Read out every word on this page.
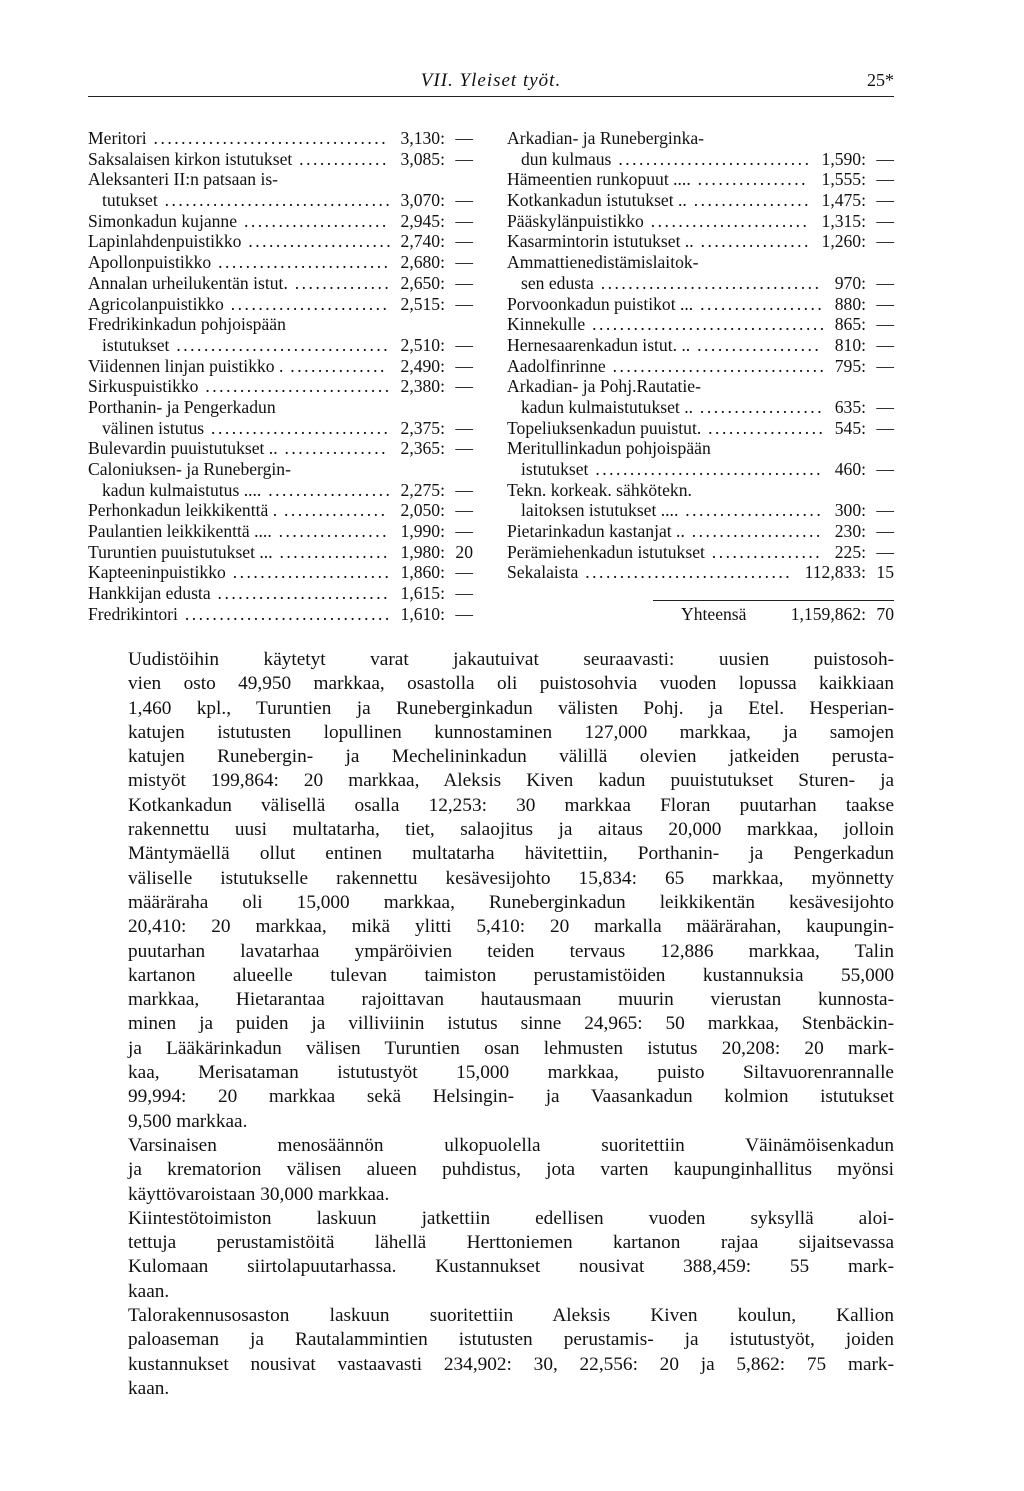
VII. Yleiset työt.	25*
Meritori .................................. 3,130: —
Saksalaisen kirkon istutukset ............. 3,085: —
Aleksanteri II:n patsaan is-
tutukset ................................. 3,070: —
Simonkadun kujanne ..................... 2,945: —
Lapinlahdenpuistikko ..................... 2,740: —
Apollonpuistikko ......................... 2,680: —
Annalan urheilukentän istut. .............. 2,650: —
Agricolanpuistikko ....................... 2,515: —
Fredrikinkadun pohjoispään
istutukset ............................... 2,510: —
Viidennen linjan puistikko . .............. 2,490: —
Sirkuspuistikko ........................... 2,380: —
Porthanin- ja Pengerkadun
välinen istutus .......................... 2,375: —
Bulevardin puuistutukset .. ............... 2,365: —
Caloniuksen- ja Runebergin-
kadun kulmaistutus .... .................. 2,275: —
Perhonkadun leikkikenttä . ............... 2,050: —
Paulantien leikkikenttä .... ................ 1,990: —
Turuntien puuistutukset ... ................ 1,980: 20
Kapteeninpuistikko ....................... 1,860: —
Hankkijan edusta ......................... 1,615: —
Fredrikintori .............................. 1,610: —
Arkadian- ja Runeberginka-
dun kulmaus ............................ 1,590: —
Hämeentien runkopuut .... ................ 1,555: —
Kotkankadun istutukset .. ................. 1,475: —
Pääskylänpuistikko ....................... 1,315: —
Kasarmintorin istutukset .. ................ 1,260: —
Ammattienedistämislaitok-
sen edusta ................................ 970: —
Porvoonkadun puistikot ... .................. 880: —
Kinnekulle .................................. 865: —
Hernesaarenkadun istut. .. .................. 810: —
Aadolfinrinne ............................... 795: —
Arkadian- ja Pohj.Rautatie-
kadun kulmaistutukset .. .................. 635: —
Topeliuksenkadun puuistut. ................. 545: —
Meritullinkadun pohjoispään
istutukset ................................. 460: —
Tekn. korkeak. sähkötekn.
laitoksen istutukset .... .................... 300: —
Pietarinkadun kastanjat .. ................... 230: —
Perämiehenkadun istutukset ................ 225: —
Sekalaista .............................. 112,833: 15
Yhteensä	1,159,862: 70
Uudistöihin käytetyt varat jakautuivat seuraavasti: uusien puistosoh-
vien osto 49,950 markkaa, osastolla oli puistosohvia vuoden lopussa kaikkiaan
1,460 kpl., Turuntien ja Runeberginkadun välisten Pohj. ja Etel. Hesperian-
katujen istutusten lopullinen kunnostaminen 127,000 markkaa, ja samojen
katujen Runebergin- ja Mechelininkadun välillä olevien jatkeiden perusta-
mistyöt 199,864: 20 markkaa, Aleksis Kiven kadun puuistutukset Sturen- ja
Kotkankadun välisellä osalla 12,253: 30 markkaa Floran puutarhan taakse
rakennettu uusi multatarha, tiet, salaojitus ja aitaus 20,000 markkaa, jolloin
Mäntymäellä ollut entinen multatarha hävitettiin, Porthanin- ja Pengerkadun
väliselle istutukselle rakennettu kesävesijohto 15,834: 65 markkaa, myönnetty
määräraha oli 15,000 markkaa, Runeberginkadun leikkikentän kesävesijohto
20,410: 20 markkaa, mikä ylitti 5,410: 20 markalla määrärahan, kaupungin-
puutarhan lavatarhaa ympäröivien teiden tervaus 12,886 markkaa, Talin
kartanon alueelle tulevan taimiston perustamistöiden kustannuksia 55,000
markkaa, Hietarantaa rajoittavan hautausmaan muurin vierustan kunnosta-
minen ja puiden ja villiviinin istutus sinne 24,965: 50 markkaa, Stenbäckin-
ja Lääkärinkadun välisen Turuntien osan lehmusten istutus 20,208: 20 mark-
kaa, Merisataman istutustyöt 15,000 markkaa, puisto Siltavuorenrannalle
99,994: 20 markkaa sekä Helsingin- ja Vaasankadun kolmion istutukset
9,500 markkaa.
Varsinaisen menosäännön ulkopuolella suoritettiin Väinämöisenkadun
ja krematorion välisen alueen puhdistus, jota varten kaupunginhallitus myönsi
käyttövaroistaan 30,000 markkaa.
Kiintestötoimiston laskuun jatkettiin edellisen vuoden syksyllä aloi-
tettuja perustamistöitä lähellä Herttoniemen kartanon rajaa sijaitsevassa
Kulomaan siirtolapuutarhassa. Kustannukset nousivat 388,459: 55 mark-
kaan.
Talorakennusosaston laskuun suoritettiin Aleksis Kiven koulun, Kallion
paloaseman ja Rautalammintien istutusten perustamis- ja istutustyöt, joiden
kustannukset nousivat vastaavasti 234,902: 30, 22,556: 20 ja 5,862: 75 mark-
kaan.
